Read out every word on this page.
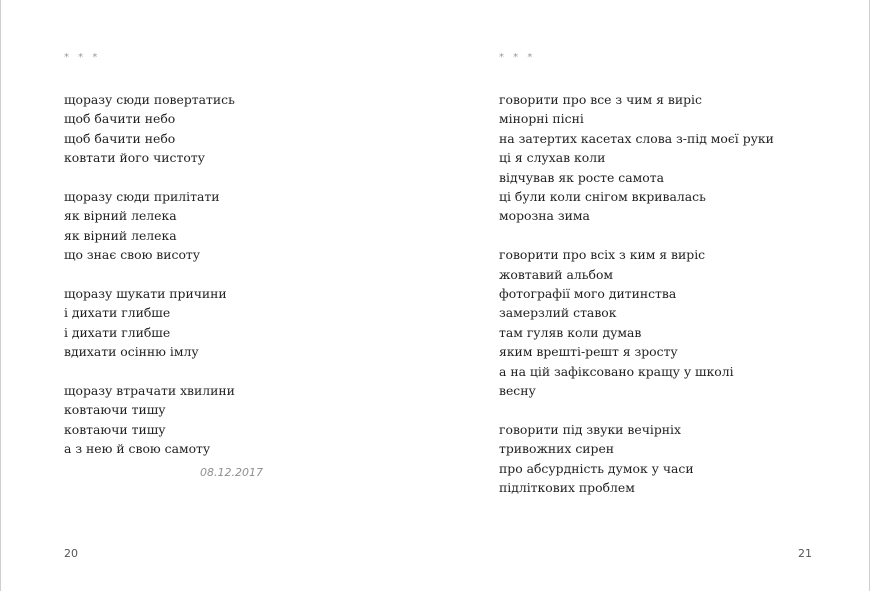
* * *
щоразу сюди повертатись
щоб бачити небо
щоб бачити небо
ковтати його чистоту
щоразу сюди прилітати
як вірний лелека
як вірний лелека
що знає свою висоту
щоразу шукати причини
і дихати глибше
і дихати глибше
вдихати осінню імлу
щоразу втрачати хвилини
ковтаючи тишу
ковтаючи тишу
а з нею й свою самоту
08.12.2017
* * *
говорити про все з чим я виріс
мінорні пісні
на затертих касетах слова з-під моєї руки
ці я слухав коли
відчував як росте самота
ці були коли снігом вкривалась
морозна зима
говорити про всіх з ким я виріс
жовтавий альбом
фотографії мого дитинства
замерзлий ставок
там гуляв коли думав
яким врешті-решт я зросту
а на цій зафіксовано кращу у школі
весну
говорити під звуки вечірніх
тривожних сирен
про абсурдність думок у часи
підліткових проблем
20	21
